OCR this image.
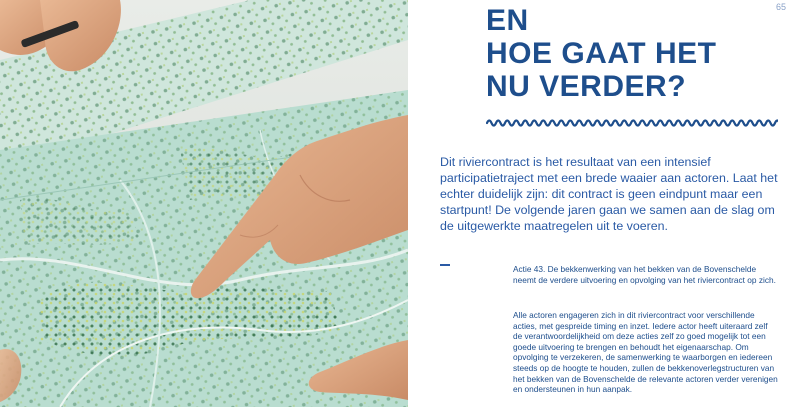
65
EN
HOE GAAT HET
NU VERDER?

Dit riviercontract is het resultaat van een intensief participatietraject met een brede waaier aan actoren. Laat het echter duidelijk zijn: dit contract is geen eindpunt maar een startpunt! De volgende jaren gaan we samen aan de slag om de uitgewerkte maatregelen uit te voeren.

Actie 43. De bekkenwerking van het bekken van de Bovenschelde neemt de verdere uitvoering en opvolging van het riviercontract op zich.

Alle actoren engageren zich in dit riviercontract voor verschillende acties, met gespreide timing en inzet. Iedere actor heeft uiteraard zelf de verantwoordelijkheid om deze acties zelf zo goed mogelijk tot een goede uitvoering te brengen en behoudt het eigenaarschap. Om opvolging te verzekeren, de samenwerking te waarborgen en iedereen steeds op de hoogte te houden, zullen de bekkenoverlegstructuren van het bekken van de Bovenschelde de relevante actoren verder verenigen en ondersteunen in hun aanpak.
